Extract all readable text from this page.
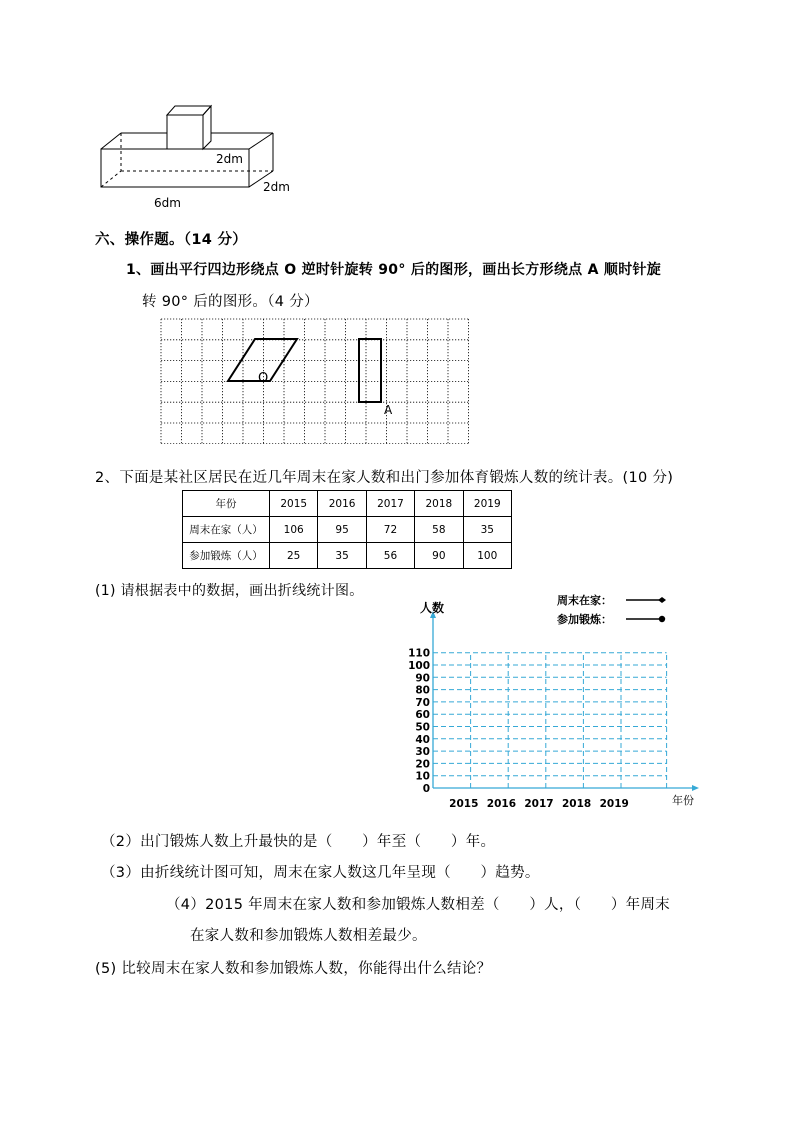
2dm
2dm
6dm
六、操作题。（14 分）
1、画出平行四边形绕点 O 逆时针旋转 90° 后的图形，画出长方形绕点 A 顺时针旋
转 90° 后的图形。（4 分）
O
A
2、下面是某社区居民在近几年周末在家人数和出门参加体育锻炼人数的统计表。(10 分)
年份	2015	2016	2017	2018	2019
周末在家（人）	106	95	72	58	35
参加锻炼（人）	25	35	56	90	100
(1) 请根据表中的数据，画出折线统计图。
0
10
20
30
40
50
60
70
80
90
100
110
2015 2016 2017 2018 2019
人数
年份
周末在家：
参加锻炼：
（2）出门锻炼人数上升最快的是（　　）年至（　　）年。
（3）由折线统计图可知，周末在家人数这几年呈现（　　）趋势。
（4）2015 年周末在家人数和参加锻炼人数相差（　　）人，（　　）年周末
在家人数和参加锻炼人数相差最少。
(5) 比较周末在家人数和参加锻炼人数，你能得出什么结论？
